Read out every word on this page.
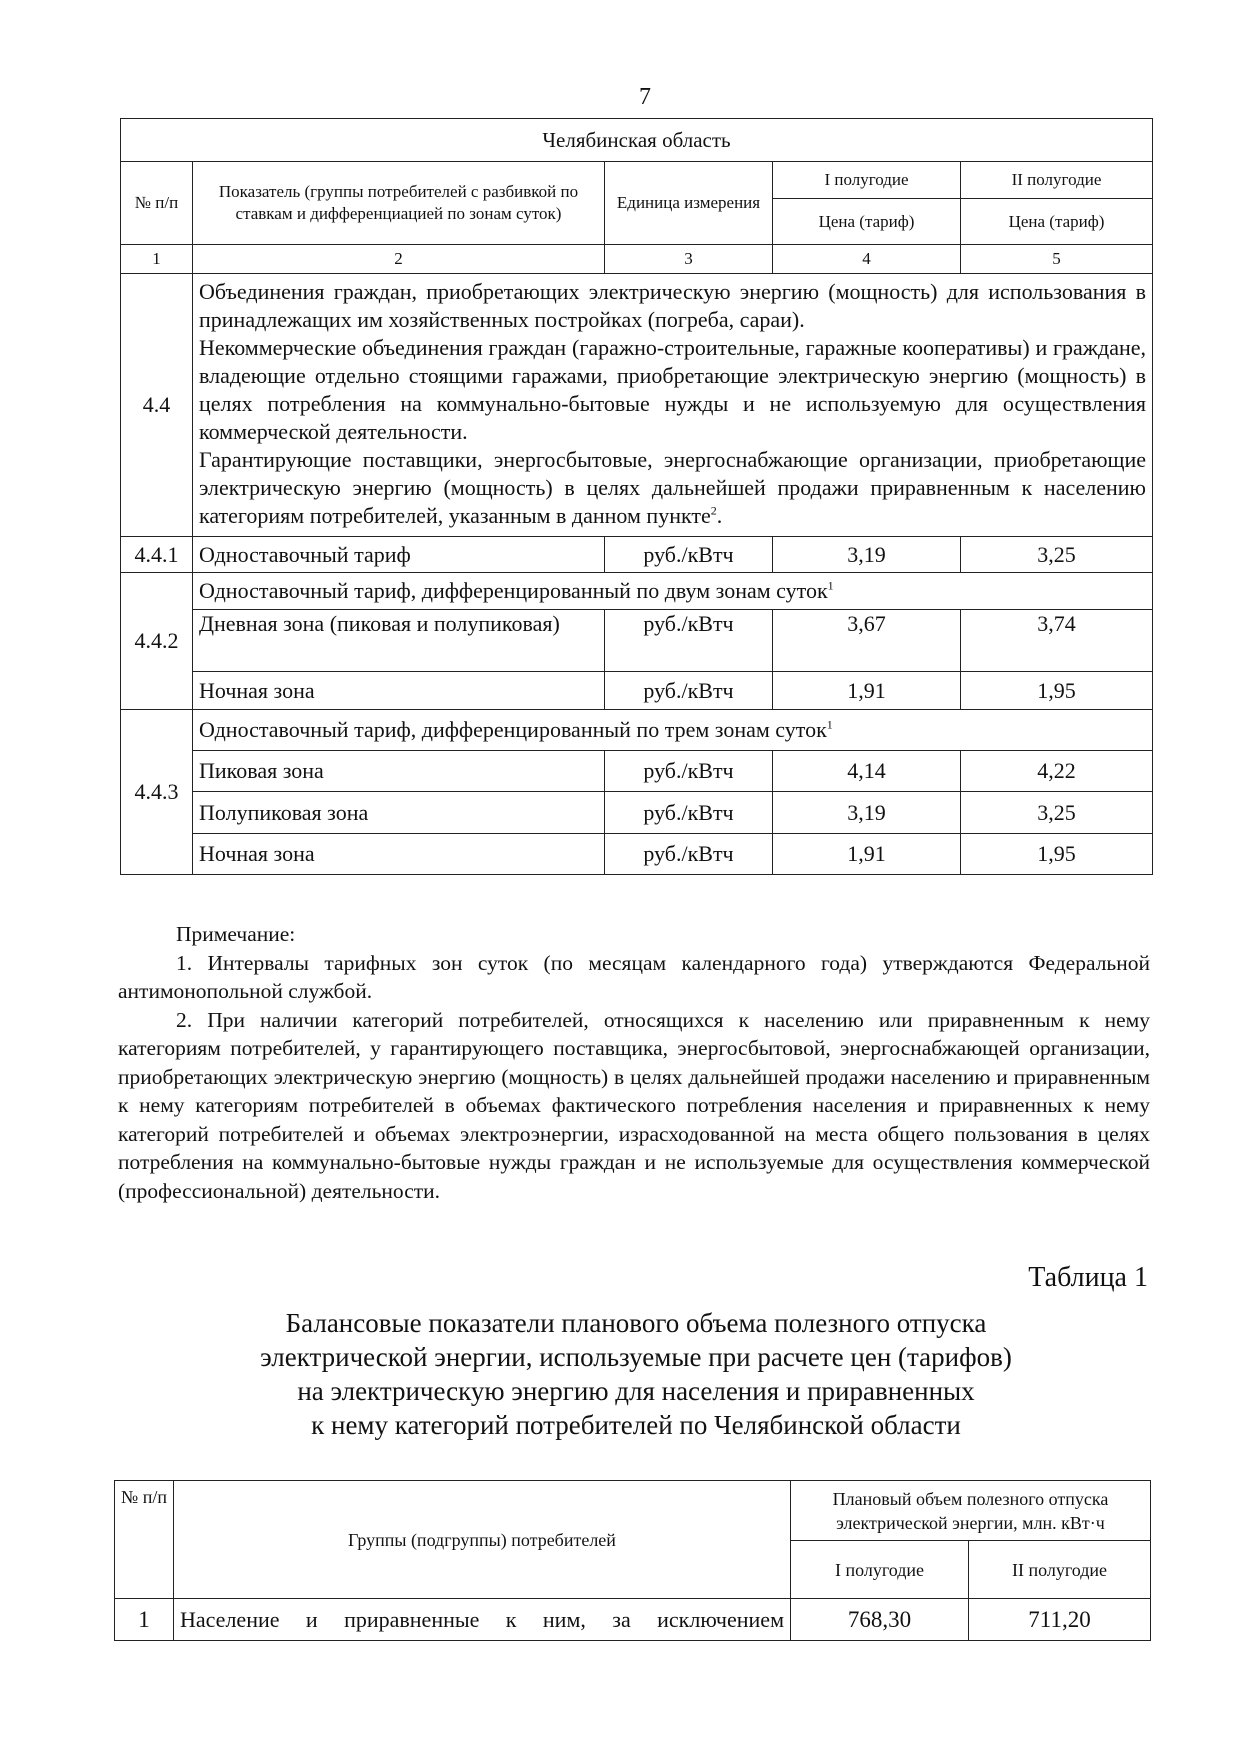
7
Челябинская область				
№ п/п	Показатель (группы потребителей с разбивкой по ставкам и дифференциацией по зонам суток)	Единица измерения	I полугодие	II полугодие
			Цена (тариф)	Цена (тариф)
1	2	3	4	5
4.4	Объединения граждан, приобретающих электрическую энергию (мощность) для использования в принадлежащих им хозяйственных постройках (погреба, сараи).
Некоммерческие объединения граждан (гаражно-строительные, гаражные кооперативы) и граждане, владеющие отдельно стоящими гаражами, приобретающие электрическую энергию (мощность) в целях потребления на коммунально-бытовые нужды и не используемую для осуществления коммерческой деятельности.
Гарантирующие поставщики, энергосбытовые, энергоснабжающие организации, приобретающие электрическую энергию (мощность) в целях дальнейшей продажи приравненным к населению категориям потребителей, указанным в данном пункте$^2$.			

4.4.1	Одноставочный тариф	руб./кВтч	3,19	3,25
4.4.2	Одноставочный тариф, дифференцированный по двум зонам суток$^1$
	Дневная зона (пиковая и полупиковая)	руб./кВтч	3,67	3,74
	Ночная зона	руб./кВтч	1,91	1,95
4.4.3	Одноставочный тариф, дифференцированный по трем зонам суток$^1$
	Пиковая зона	руб./кВтч	4,14	4,22
	Полупиковая зона	руб./кВтч	3,19	3,25
	Ночная зона	руб./кВтч	1,91	1,95

Примечание:

1. Интервалы тарифных зон суток (по месяцам календарного года) утверждаются Федеральной антимонопольной службой.

2. При наличии категорий потребителей, относящихся к населению или приравненным к нему категориям потребителей, у гарантирующего поставщика, энергосбытовой, энергоснабжающей организации, приобретающих электрическую энергию (мощность) в целях дальнейшей продажи населению и приравненным к нему категориям потребителей в объемах фактического потребления населения и приравненных к нему категорий потребителей и объемах электроэнергии, израсходованной на места общего пользования в целях потребления на коммунально-бытовые нужды граждан и не используемые для осуществления коммерческой (профессиональной) деятельности.

Таблица 1
Балансовые показатели планового объема полезного отпуска
электрической энергии, используемые при расчете цен (тарифов)
на электрическую энергию для населения и приравненных
к нему категорий потребителей по Челябинской области
№ п/п	Группы (подгруппы) потребителей	Плановый объем полезного отпуска электрической энергии, млн. кВт·ч	
		I полугодие	II полугодие
1	Население и приравненные к ним, за исключением	768,30	711,20
